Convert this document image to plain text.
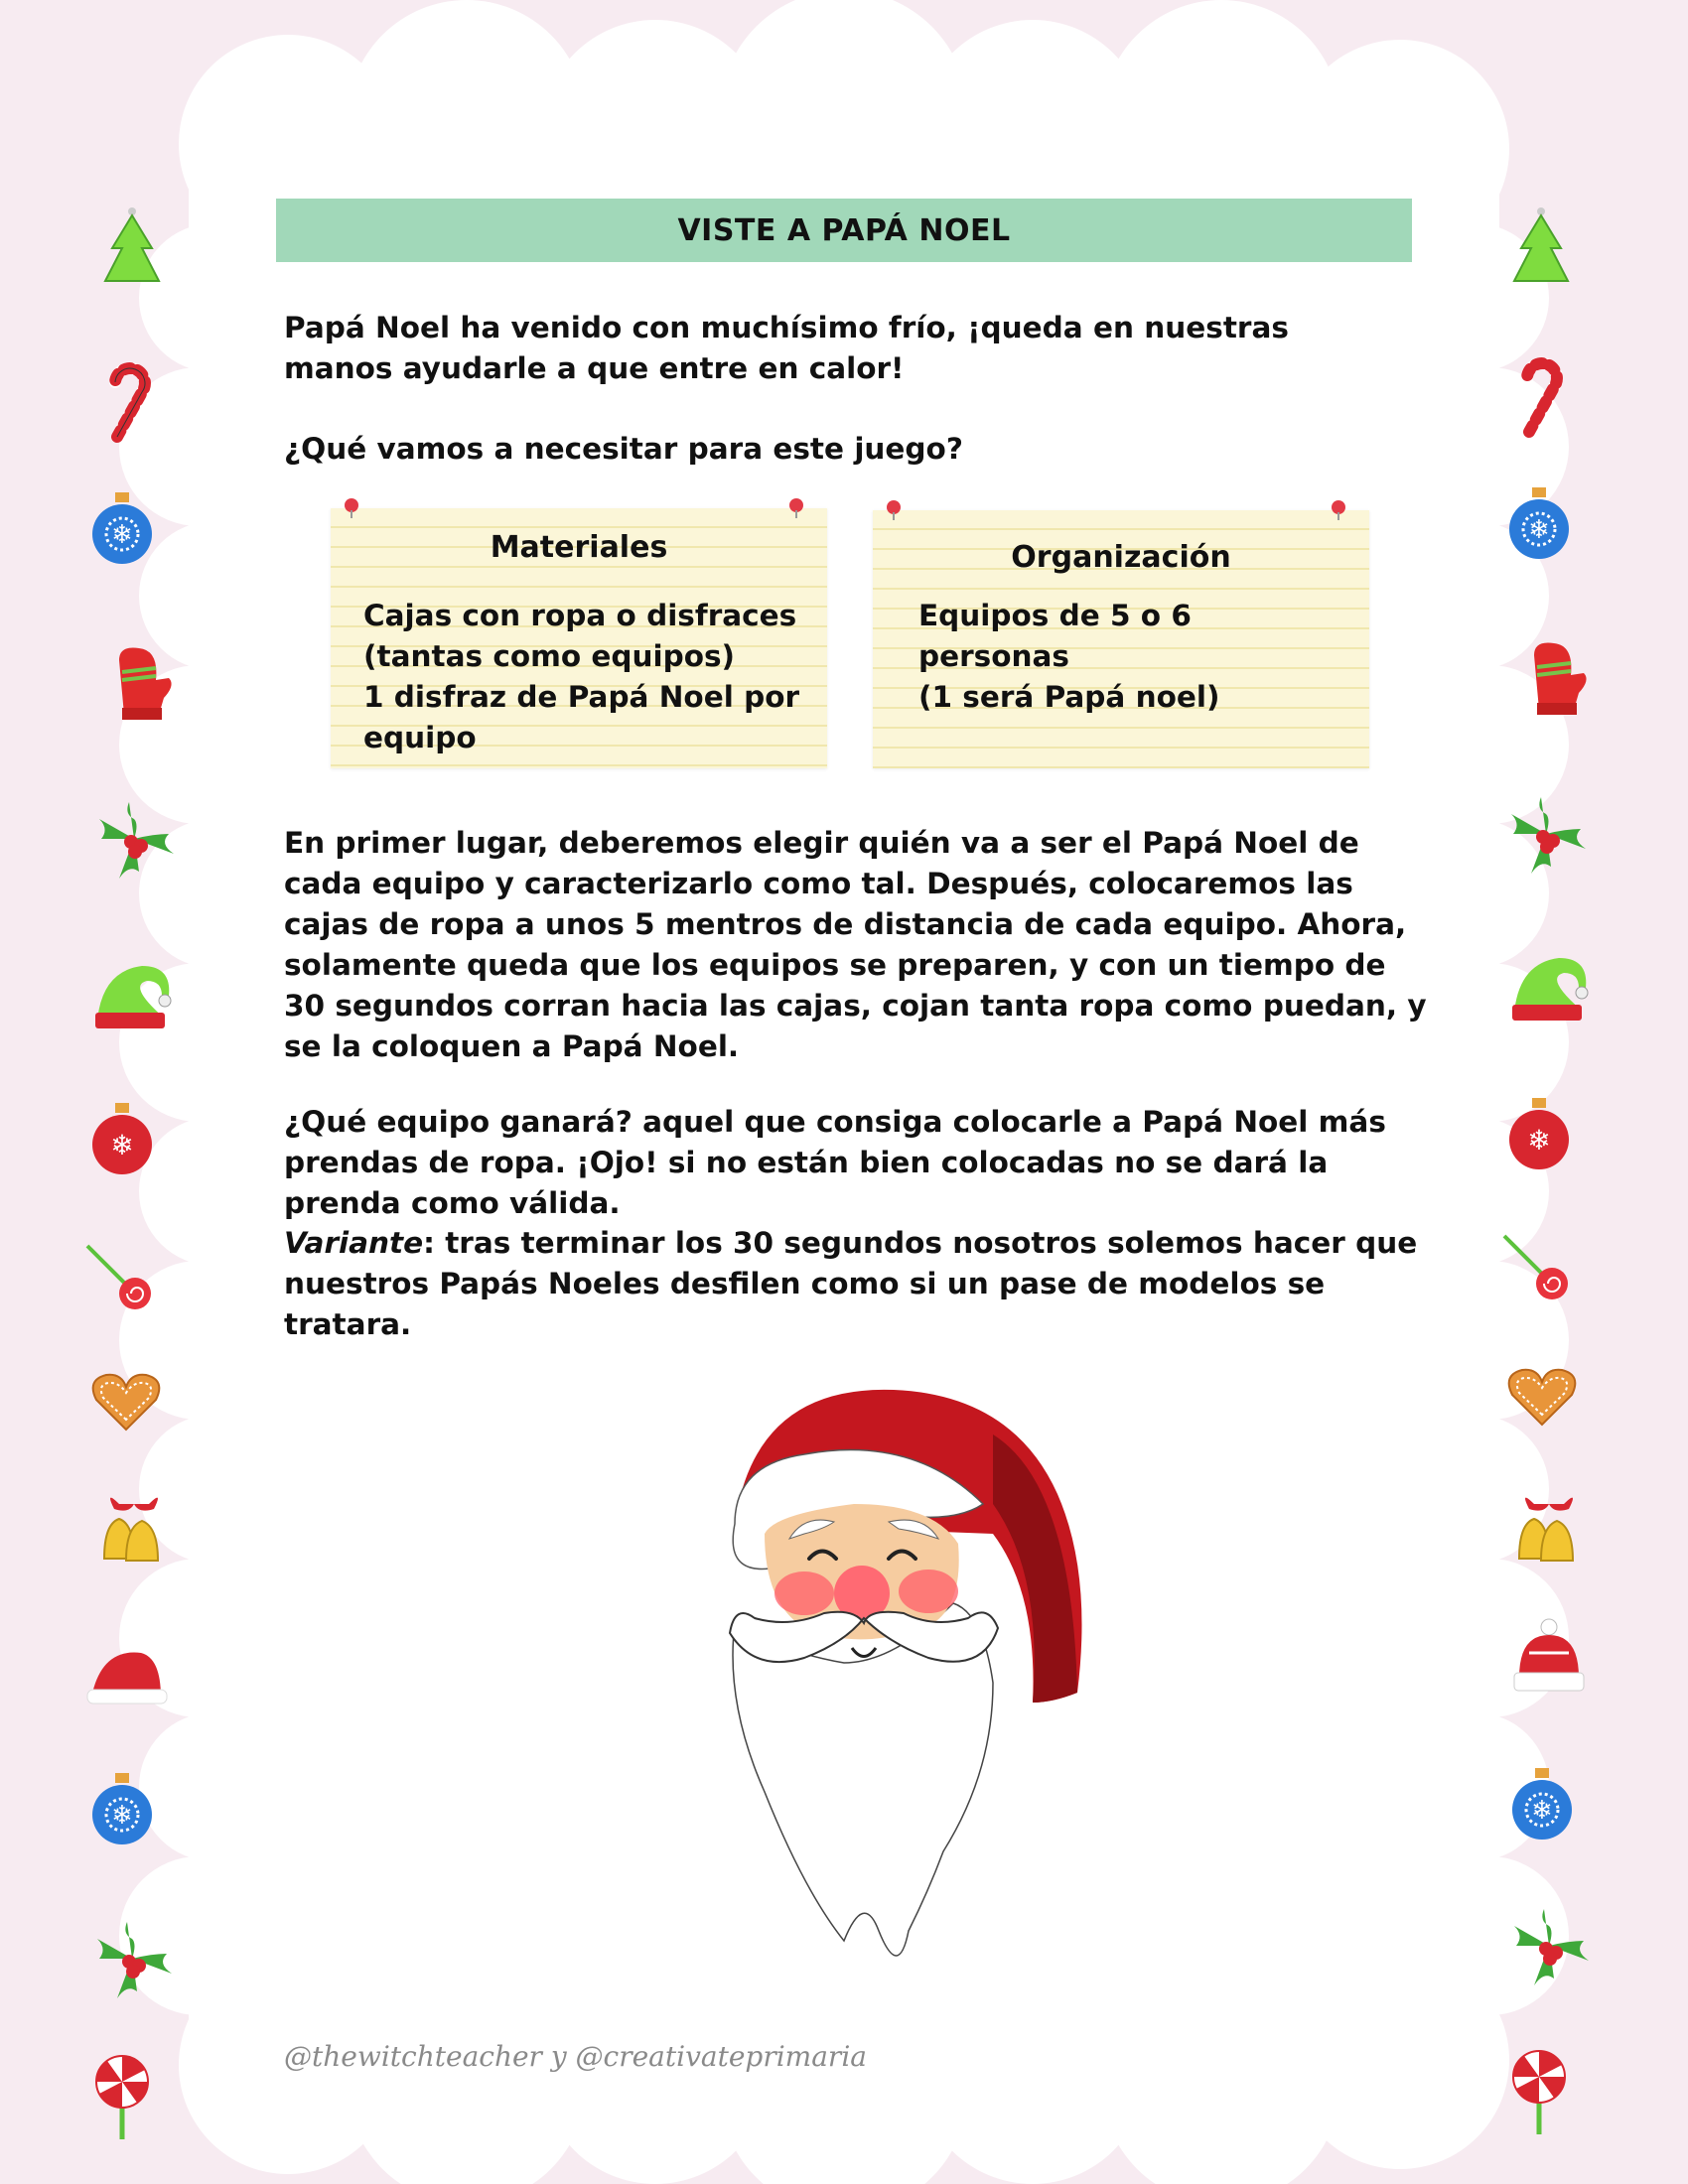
❄
❄
❄
❄
❄
❄
VISTE A PAPÁ NOEL

Papá Noel ha venido con muchísimo frío, ¡queda en nuestras manos ayudarle a que entre en calor!

¿Qué vamos a necesitar para este juego?

Materiales
Cajas con ropa o disfraces
(tantas como equipos)
1 disfraz de Papá Noel por
equipo
Organización
Equipos de 5 o 6 personas
(1 será Papá noel)

En primer lugar, deberemos elegir quién va a ser el Papá Noel de cada equipo y caracterizarlo como tal. Después, colocaremos las cajas de ropa a unos 5 mentros de distancia de cada equipo. Ahora, solamente queda que los equipos se preparen, y con un tiempo de 30 segundos corran hacia las cajas, cojan tanta ropa como puedan, y se la coloquen a Papá Noel.

¿Qué equipo ganará? aquel que consiga colocarle a Papá Noel más prendas de ropa. ¡Ojo! si no están bien colocadas no se dará la prenda como válida.

Variante: tras terminar los 30 segundos nosotros solemos hacer que nuestros Papás Noeles desfilen como si un pase de modelos se tratara.

@thewitchteacher y @creativateprimaria
